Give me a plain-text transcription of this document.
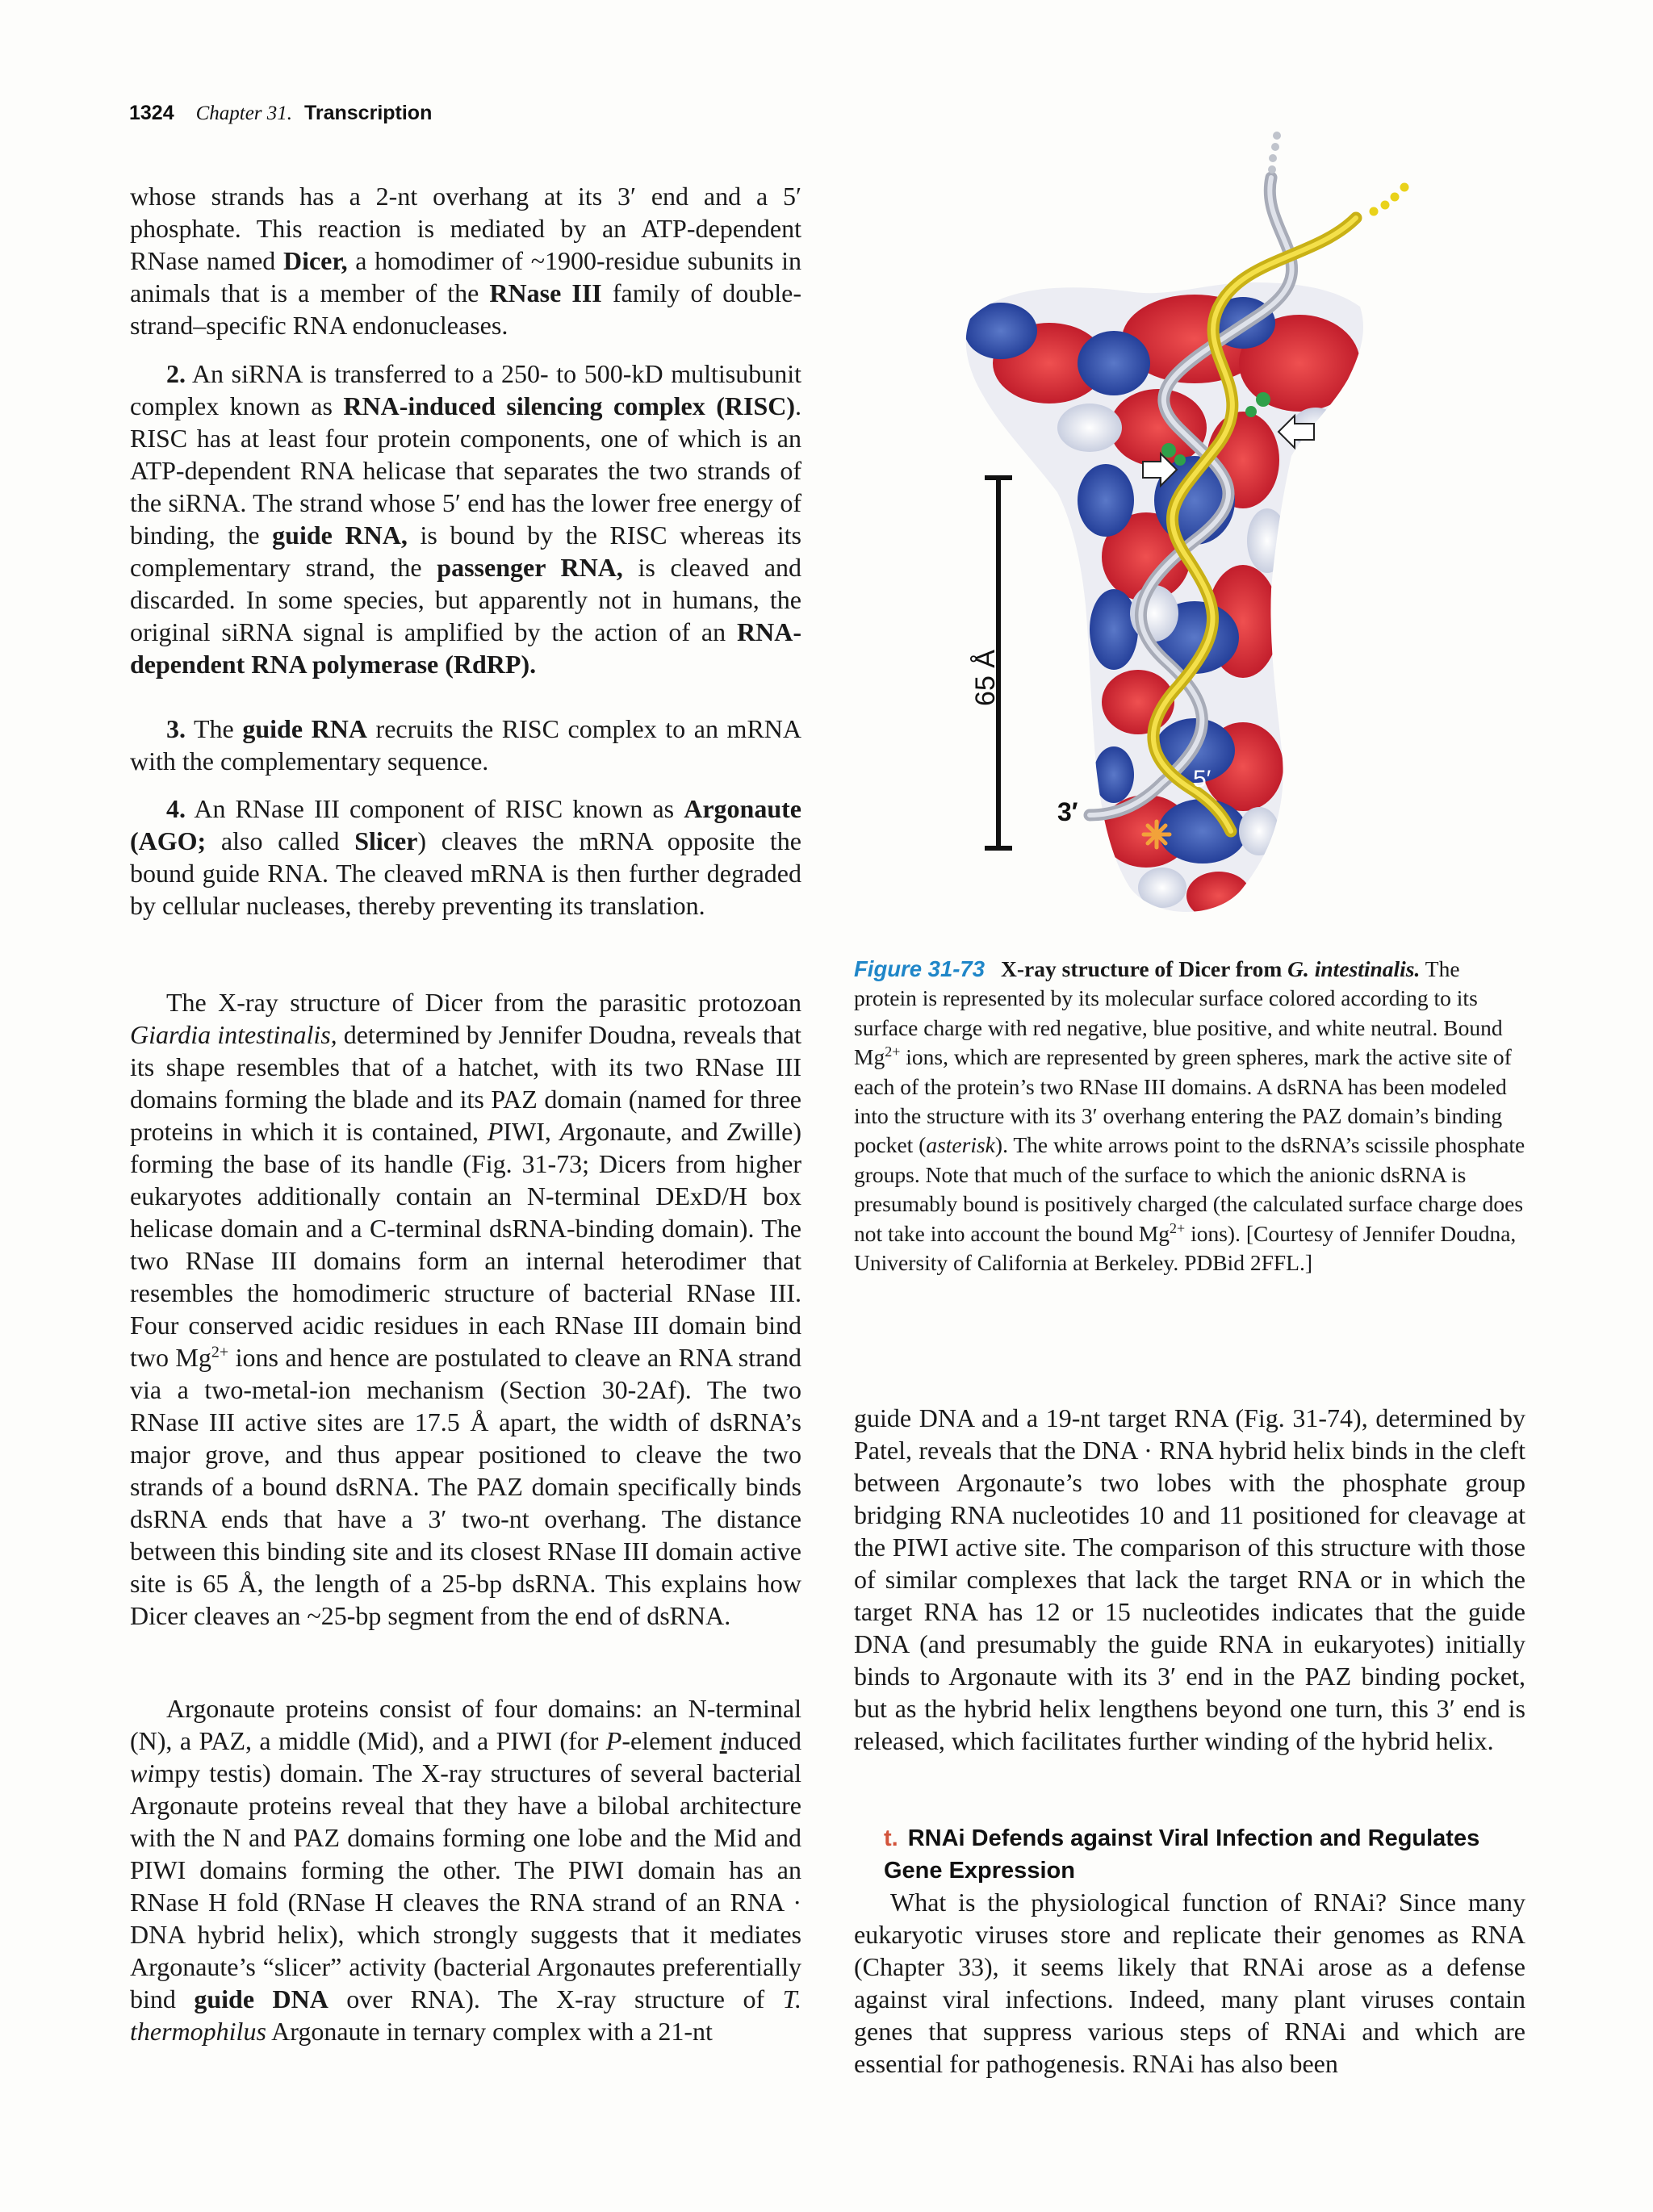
1324 Chapter 31. Transcription

whose strands has a 2-nt overhang at its 3′ end and a 5′ phosphate. This reaction is mediated by an ATP-dependent RNase named Dicer, a homodimer of ~1900-residue subunits in animals that is a member of the RNase III family of double-strand–specific RNA endonucleases.

2. An siRNA is transferred to a 250- to 500-kD multisubunit complex known as RNA-induced silencing complex (RISC). RISC has at least four protein components, one of which is an ATP-dependent RNA helicase that separates the two strands of the siRNA. The strand whose 5′ end has the lower free energy of binding, the guide RNA, is bound by the RISC whereas its complementary strand, the passenger RNA, is cleaved and discarded. In some species, but apparently not in humans, the original siRNA signal is amplified by the action of an RNA-dependent RNA polymerase (RdRP).

3. The guide RNA recruits the RISC complex to an mRNA with the complementary sequence.

4. An RNase III component of RISC known as Argonaute (AGO; also called Slicer) cleaves the mRNA opposite the bound guide RNA. The cleaved mRNA is then further degraded by cellular nucleases, thereby preventing its translation.

The X-ray structure of Dicer from the parasitic protozoan Giardia intestinalis, determined by Jennifer Doudna, reveals that its shape resembles that of a hatchet, with its two RNase III domains forming the blade and its PAZ domain (named for three proteins in which it is contained, PIWI, Argonaute, and Zwille) forming the base of its handle (Fig. 31-73; Dicers from higher eukaryotes additionally contain an N-terminal DExD/H box helicase domain and a C-terminal dsRNA-binding domain). The two RNase III domains form an internal heterodimer that resembles the homodimeric structure of bacterial RNase III. Four conserved acidic residues in each RNase III domain bind two $Mg^{2+}$ ions and hence are postulated to cleave an RNA strand via a two-metal-ion mechanism (Section 30-2Af). The two RNase III active sites are 17.5 Å apart, the width of dsRNA’s major grove, and thus appear positioned to cleave the two strands of a bound dsRNA. The PAZ domain specifically binds dsRNA ends that have a 3′ two-nt overhang. The distance between this binding site and its closest RNase III domain active site is 65 Å, the length of a 25-bp dsRNA. This explains how Dicer cleaves an ~25-bp segment from the end of dsRNA.

Argonaute proteins consist of four domains: an N-terminal (N), a PAZ, a middle (Mid), and a PIWI (for P-element induced wimpy testis) domain. The X-ray structures of several bacterial Argonaute proteins reveal that they have a bilobal architecture with the N and PAZ domains forming one lobe and the Mid and PIWI domains forming the other. The PIWI domain has an RNase H fold (RNase H cleaves the RNA strand of an RNA · DNA hybrid helix), which strongly suggests that it mediates Argonaute’s “slicer” activity (bacterial Argonautes preferentially bind guide DNA over RNA). The X-ray structure of T. thermophilus Argonaute in ternary complex with a 21-nt

65 Å
3′
5′

Figure 31-73 X-ray structure of Dicer from G. intestinalis. The protein is represented by its molecular surface colored according to its surface charge with red negative, blue positive, and white neutral. Bound $Mg^{2+}$ ions, which are represented by green spheres, mark the active site of each of the protein’s two RNase III domains. A dsRNA has been modeled into the structure with its 3′ overhang entering the PAZ domain’s binding pocket (asterisk). The white arrows point to the dsRNA’s scissile phosphate groups. Note that much of the surface to which the anionic dsRNA is presumably bound is positively charged (the calculated surface charge does not take into account the bound $Mg^{2+}$ ions). [Courtesy of Jennifer Doudna, University of California at Berkeley. PDBid 2FFL.]

guide DNA and a 19-nt target RNA (Fig. 31-74), determined by Patel, reveals that the DNA · RNA hybrid helix binds in the cleft between Argonaute’s two lobes with the phosphate group bridging RNA nucleotides 10 and 11 positioned for cleavage at the PIWI active site. The comparison of this structure with those of similar complexes that lack the target RNA or in which the target RNA has 12 or 15 nucleotides indicates that the guide DNA (and presumably the guide RNA in eukaryotes) initially binds to Argonaute with its 3′ end in the PAZ binding pocket, but as the hybrid helix lengthens beyond one turn, this 3′ end is released, which facilitates further winding of the hybrid helix.

t. RNAi Defends against Viral Infection and Regulates Gene Expression

What is the physiological function of RNAi? Since many eukaryotic viruses store and replicate their genomes as RNA (Chapter 33), it seems likely that RNAi arose as a defense against viral infections. Indeed, many plant viruses contain genes that suppress various steps of RNAi and which are essential for pathogenesis. RNAi has also been
